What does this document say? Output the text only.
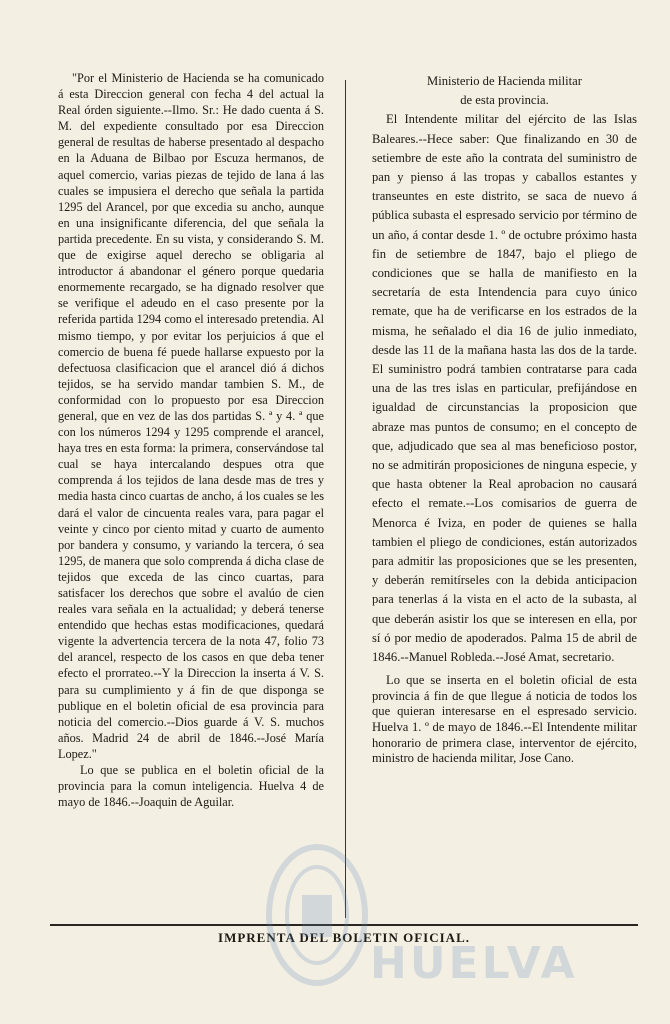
"Por el Ministerio de Hacienda se ha comunicado á esta Direccion general con fecha 4 del actual la Real órden siguiente.--Ilmo. Sr.: He dado cuenta á S. M. del expediente consultado por esa Direccion general de resultas de haberse presentado al despacho en la Aduana de Bilbao por Escuza hermanos, de aquel comercio, varias piezas de tejido de lana á las cuales se impusiera el derecho que señala la partida 1295 del Arancel, por que excedia su ancho, aunque en una insignificante diferencia, del que señala la partida precedente. En su vista, y considerando S. M. que de exigirse aquel derecho se obligaria al introductor á abandonar el género porque quedaria enormemente recargado, se ha dignado resolver que se verifique el adeudo en el caso presente por la referida partida 1294 como el interesado pretendia. Al mismo tiempo, y por evitar los perjuicios á que el comercio de buena fé puede hallarse expuesto por la defectuosa clasificacion que el arancel dió á dichos tejidos, se ha servido mandar tambien S. M., de conformidad con lo propuesto por esa Direccion general, que en vez de las dos partidas S. ª y 4. ª que con los números 1294 y 1295 comprende el arancel, haya tres en esta forma: la primera, conservándose tal cual se haya intercalando despues otra que comprenda á los tejidos de lana desde mas de tres y media hasta cinco cuartas de ancho, á los cuales se les dará el valor de cincuenta reales vara, para pagar el veinte y cinco por ciento mitad y cuarto de aumento por bandera y consumo, y variando la tercera, ó sea 1295, de manera que solo comprenda á dicha clase de tejidos que exceda de las cinco cuartas, para satisfacer los derechos que sobre el avalúo de cien reales vara señala en la actualidad; y deberá tenerse entendido que hechas estas modificaciones, quedará vigente la advertencia tercera de la nota 47, folio 73 del arancel, respecto de los casos en que deba tener efecto el prorrateo.--Y la Direccion la inserta á V. S. para su cumplimiento y á fin de que disponga se publique en el boletin oficial de esa provincia para noticia del comercio.--Dios guarde á V. S. muchos años. Madrid 24 de abril de 1846.--José María Lopez."

Lo que se publica en el boletin oficial de la provincia para la comun inteligencia. Huelva 4 de mayo de 1846.--Joaquin de Aguilar.

Ministerio de Hacienda militar

de esta provincia.

El Intendente militar del ejército de las Islas Baleares.--Hece saber: Que finalizando en 30 de setiembre de este año la contrata del suministro de pan y pienso á las tropas y caballos estantes y transeuntes en este distrito, se saca de nuevo á pública subasta el espresado servicio por término de un año, á contar desde 1. º de octubre próximo hasta fin de setiembre de 1847, bajo el pliego de condiciones que se halla de manifiesto en la secretaría de esta Intendencia para cuyo único remate, que ha de verificarse en los estrados de la misma, he señalado el dia 16 de julio inmediato, desde las 11 de la mañana hasta las dos de la tarde. El suministro podrá tambien contratarse para cada una de las tres islas en particular, prefijándose en igualdad de circunstancias la proposicion que abraze mas puntos de consumo; en el concepto de que, adjudicado que sea al mas beneficioso postor, no se admitirán proposiciones de ninguna especie, y que hasta obtener la Real aprobacion no causará efecto el remate.--Los comisarios de guerra de Menorca é Iviza, en poder de quienes se halla tambien el pliego de condiciones, están autorizados para admitir las proposiciones que se les presenten, y deberán remitírseles con la debida anticipacion para tenerlas á la vista en el acto de la subasta, al que deberán asistir los que se interesen en ella, por sí ó por medio de apoderados. Palma 15 de abril de 1846.--Manuel Robleda.--José Amat, secretario.

Lo que se inserta en el boletin oficial de esta provincia á fin de que llegue á noticia de todos los que quieran interesarse en el espresado servicio. Huelva 1. º de mayo de 1846.--El Intendente militar honorario de primera clase, interventor de ejército, ministro de hacienda militar, Jose Cano.

IMPRENTA DEL BOLETIN OFICIAL.
HUELVA
